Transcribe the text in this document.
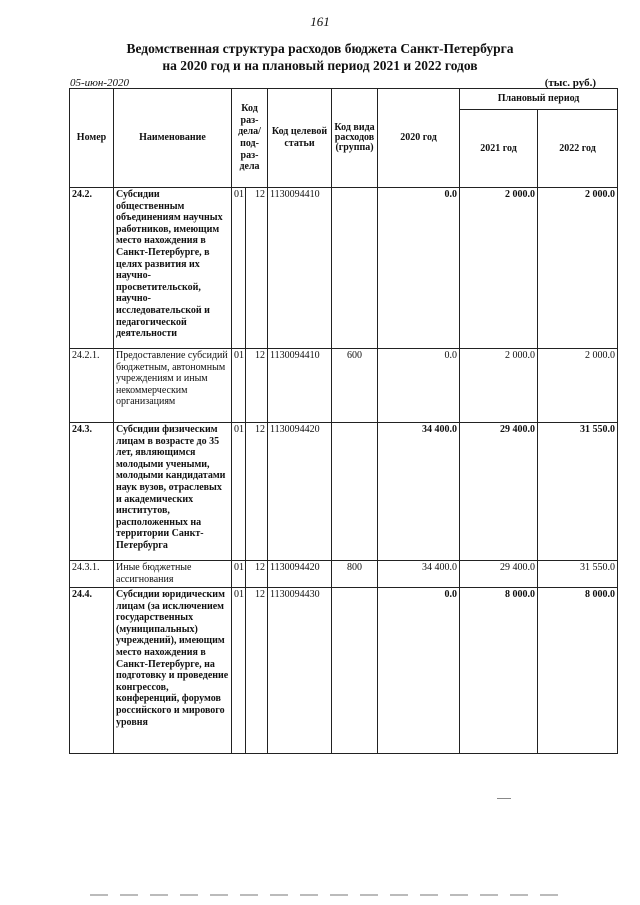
161
Ведомственная структура расходов бюджета Санкт-Петербурга
на 2020 год и на плановый период 2021 и 2022 годов
05-июн-2020	(тыс. руб.)
Номер	Наименование	Код раз-дела/ под-раз-дела		Код целевой статьи	Код вида расходов (группа)	2020 год	Плановый период	
							2021 год	2022 год
24.2.	Субсидии общественным объединениям научных работников, имеющим место нахождения в Санкт-Петербурге, в целях развития их научно-просветительской, научно-исследовательской и педагогической деятельности	01	12	1130094410		0.0	2 000.0	2 000.0
24.2.1.	Предоставление субсидий бюджетным, автономным учреждениям и иным некоммерческим организациям	01	12	1130094410	600	0.0	2 000.0	2 000.0
24.3.	Субсидии физическим лицам в возрасте до 35 лет, являющимся молодыми учеными, молодыми кандидатами наук вузов, отраслевых и академических институтов, расположенных на территории Санкт-Петербурга	01	12	1130094420		34 400.0	29 400.0	31 550.0
24.3.1.	Иные бюджетные ассигнования	01	12	1130094420	800	34 400.0	29 400.0	31 550.0
24.4.	Субсидии юридическим лицам (за исключением государственных (муниципальных) учреждений), имеющим место нахождения в Санкт-Петербурге, на подготовку и проведение конгрессов, конференций, форумов российского и мирового уровня	01	12	1130094430		0.0	8 000.0	8 000.0
